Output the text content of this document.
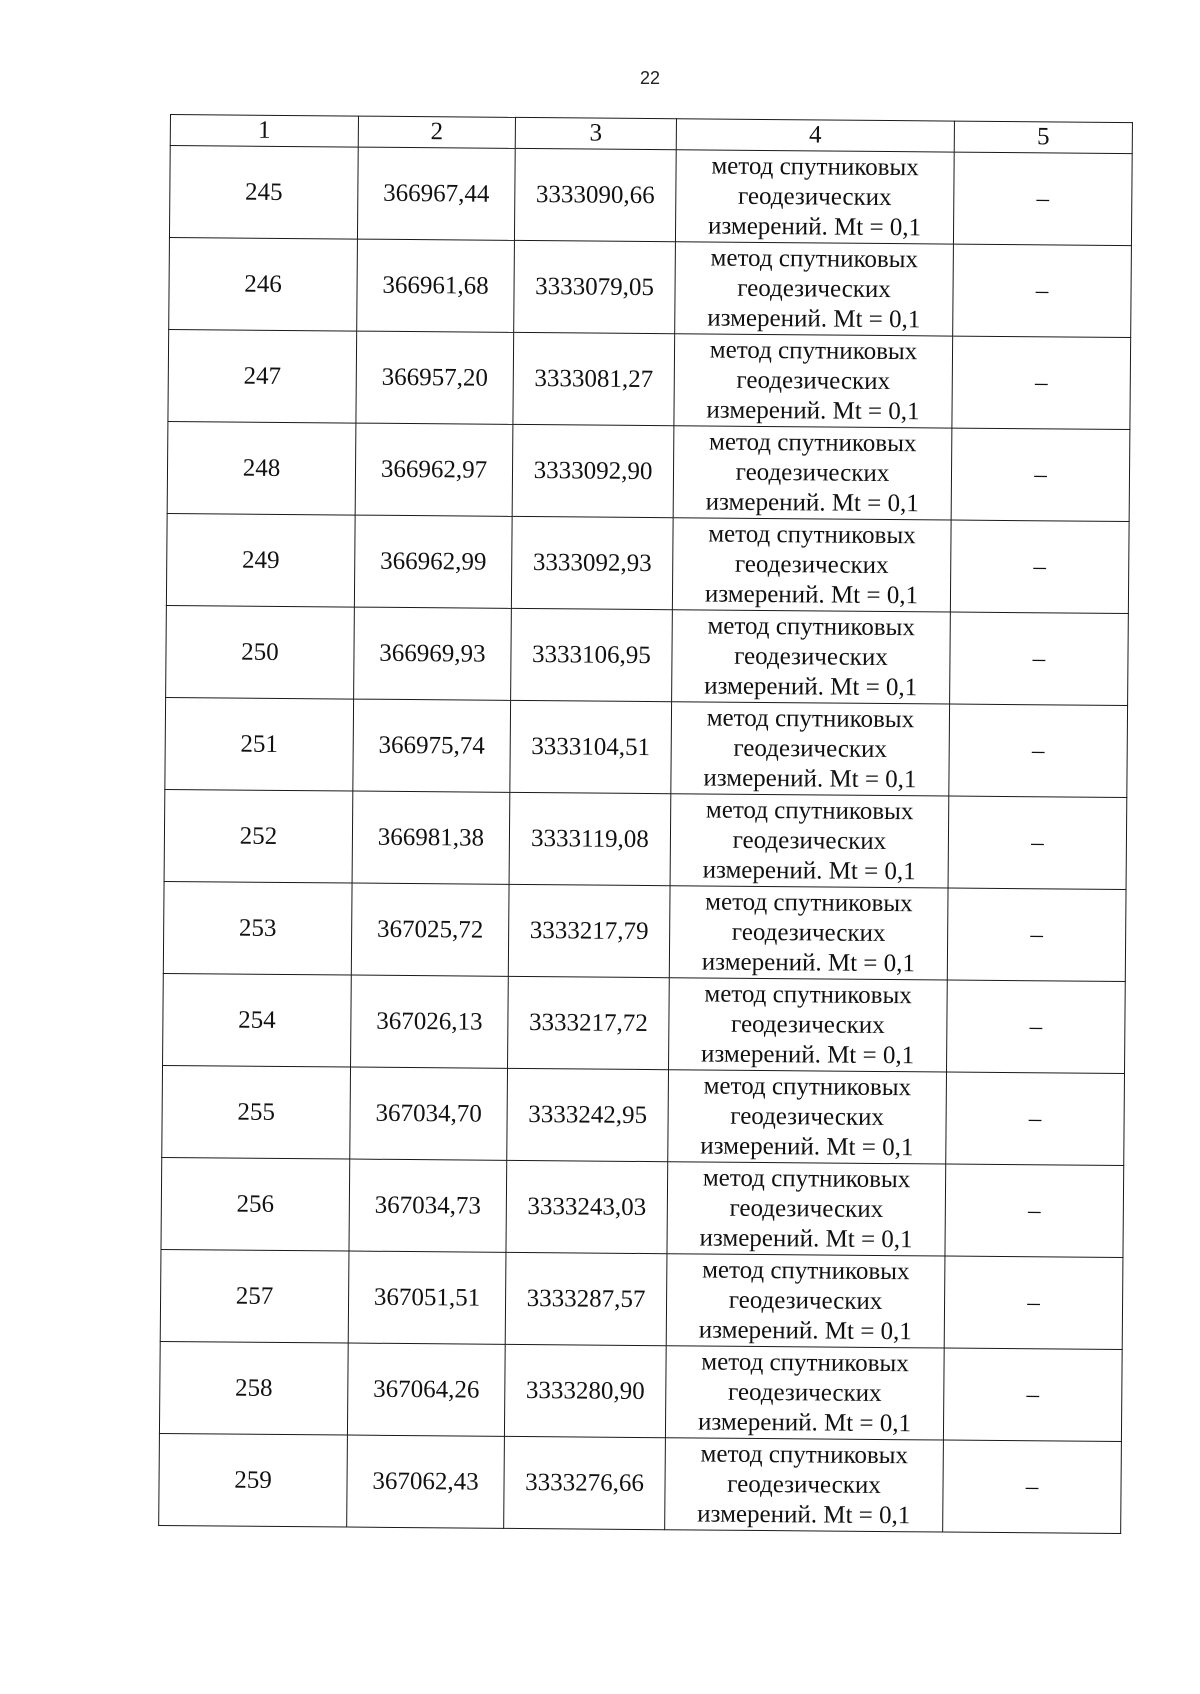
22
1	2	3	4	5
245	366967,44	3333090,66	метод спутниковых
геодезических
измерений. Mt = 0,1	–
246	366961,68	3333079,05	метод спутниковых
геодезических
измерений. Mt = 0,1	–
247	366957,20	3333081,27	метод спутниковых
геодезических
измерений. Mt = 0,1	–
248	366962,97	3333092,90	метод спутниковых
геодезических
измерений. Mt = 0,1	–
249	366962,99	3333092,93	метод спутниковых
геодезических
измерений. Mt = 0,1	–
250	366969,93	3333106,95	метод спутниковых
геодезических
измерений. Mt = 0,1	–
251	366975,74	3333104,51	метод спутниковых
геодезических
измерений. Mt = 0,1	–
252	366981,38	3333119,08	метод спутниковых
геодезических
измерений. Mt = 0,1	–
253	367025,72	3333217,79	метод спутниковых
геодезических
измерений. Mt = 0,1	–
254	367026,13	3333217,72	метод спутниковых
геодезических
измерений. Mt = 0,1	–
255	367034,70	3333242,95	метод спутниковых
геодезических
измерений. Mt = 0,1	–
256	367034,73	3333243,03	метод спутниковых
геодезических
измерений. Mt = 0,1	–
257	367051,51	3333287,57	метод спутниковых
геодезических
измерений. Mt = 0,1	–
258	367064,26	3333280,90	метод спутниковых
геодезических
измерений. Mt = 0,1	–
259	367062,43	3333276,66	метод спутниковых
геодезических
измерений. Mt = 0,1	–
